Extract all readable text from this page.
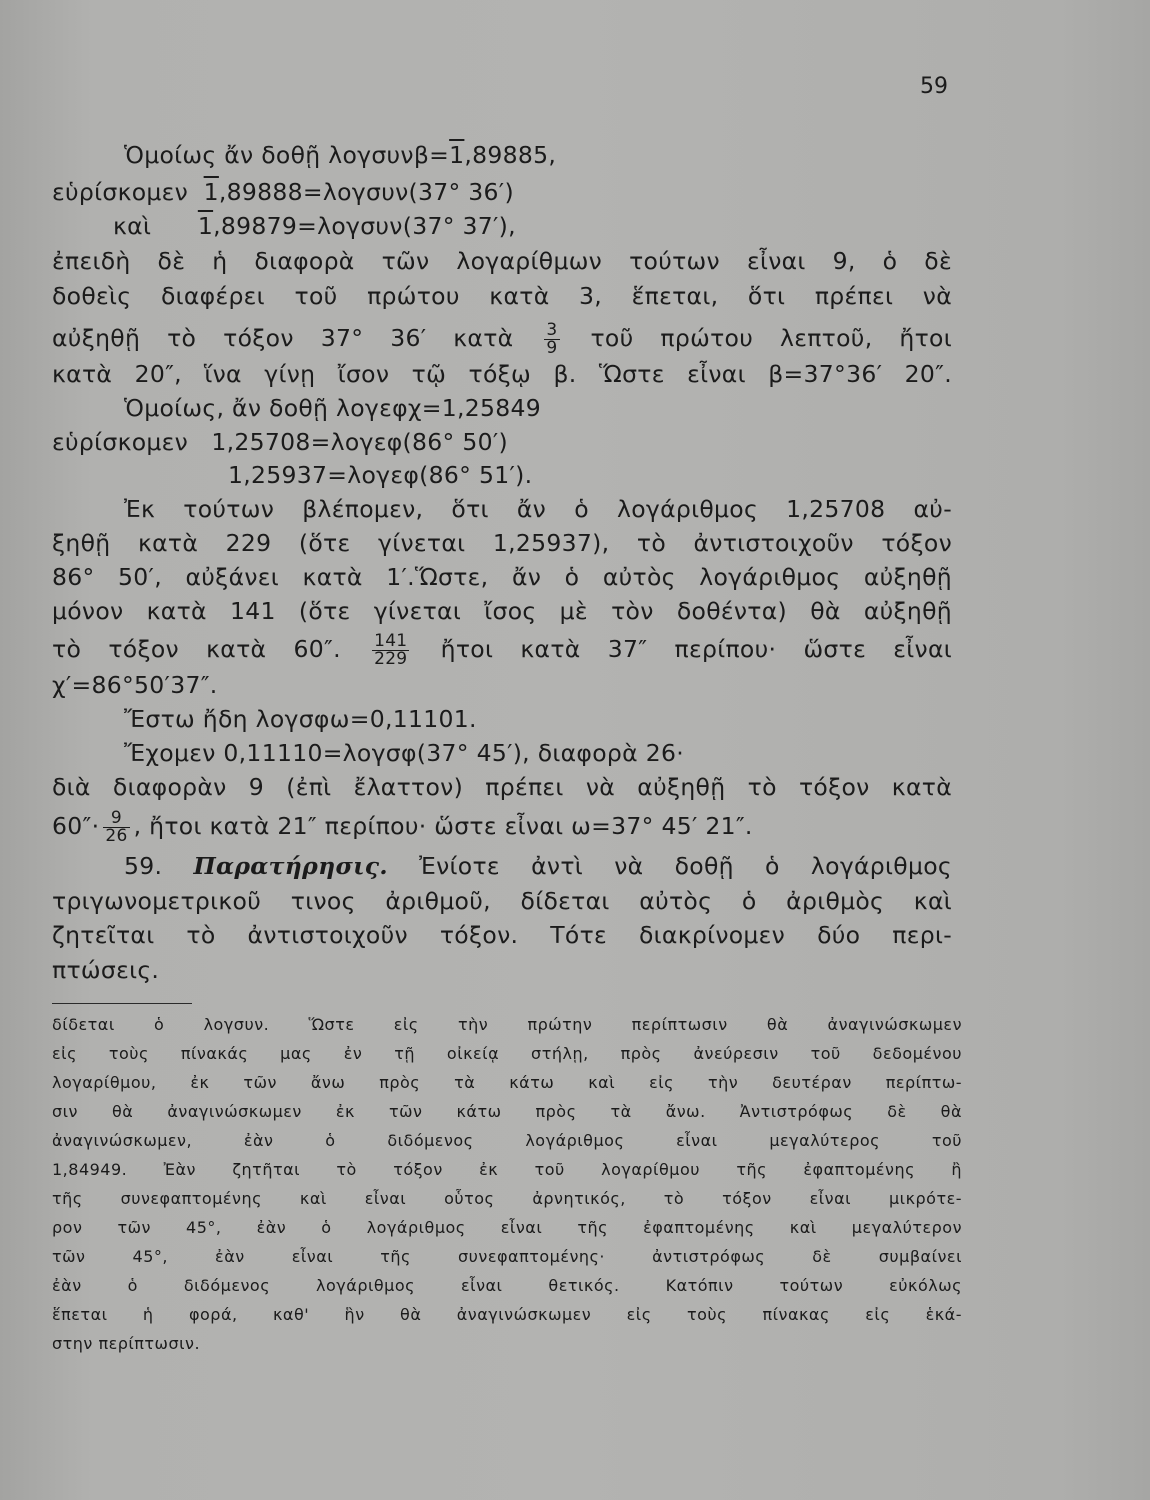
59
Ὁμοίως ἄν δοθῇ λογσυνβ=1,89885,
εὑρίσκομεν 1,89888=λογσυν(37° 36′)
καὶ 1,89879=λογσυν(37° 37′),
ἐπειδὴ δὲ ἡ διαφορὰ τῶν λογαρίθμων τούτων εἶναι 9, ὁ δὲ
δοθεὶς διαφέρει τοῦ πρώτου κατὰ 3, ἕπεται, ὅτι πρέπει νὰ
αὐξηθῇ τὸ τόξον 37° 36′ κατὰ $\frac{3}{9}$ τοῦ πρώτου λεπτοῦ, ἤτοι
κατὰ 20″, ἵνα γίνῃ ἴσον τῷ τόξῳ β. Ὥστε εἶναι β=37°36′ 20″.
Ὁμοίως, ἄν δοθῇ λογεφχ=1,25849
εὑρίσκομεν 1,25708=λογεφ(86° 50′)
1,25937=λογεφ(86° 51′).
Ἐκ τούτων βλέπομεν, ὅτι ἄν ὁ λογάριθμος 1,25708 αὐ-
ξηθῇ κατὰ 229 (ὅτε γίνεται 1,25937), τὸ ἀντιστοιχοῦν τόξον
86° 50′, αὐξάνει κατὰ 1′.Ὥστε, ἄν ὁ αὐτὸς λογάριθμος αὐξηθῇ
μόνον κατὰ 141 (ὅτε γίνεται ἴσος μὲ τὸν δοθέντα) θὰ αὐξηθῇ
τὸ τόξον κατὰ 60″. $\frac{141}{229}$ ἤτοι κατὰ 37″ περίπου· ὥστε εἶναι
χ′=86°50′37″.
Ἔστω ἤδη λογσφω=0,11101.
Ἔχομεν 0,11110=λογσφ(37° 45′), διαφορὰ 26·
διὰ διαφορὰν 9 (ἐπὶ ἔλαττον) πρέπει νὰ αὐξηθῇ τὸ τόξον κατὰ
$60''\cdot \frac{9}{26}$ , ἤτοι κατὰ 21″ περίπου· ὥστε εἶναι ω=37° 45′ 21″.
59. Παρατήρησις. Ἐνίοτε ἀντὶ νὰ δοθῇ ὁ λογάριθμος
τριγωνομετρικοῦ τινος ἀριθμοῦ, δίδεται αὐτὸς ὁ ἀριθμὸς καὶ
ζητεῖται τὸ ἀντιστοιχοῦν τόξον. Τότε διακρίνομεν δύο περι-
πτώσεις.
δίδεται ὁ λογσυν. Ὥστε εἰς τὴν πρώτην περίπτωσιν θὰ ἀναγινώσκωμεν
εἰς τοὺς πίνακάς μας ἐν τῇ οἰκείᾳ στήλῃ, πρὸς ἀνεύρεσιν τοῦ δεδομένου
λογαρίθμου, ἐκ τῶν ἄνω πρὸς τὰ κάτω καὶ εἰς τὴν δευτέραν περίπτω-
σιν θὰ ἀναγινώσκωμεν ἐκ τῶν κάτω πρὸς τὰ ἄνω. Ἀντιστρόφως δὲ θὰ
ἀναγινώσκωμεν, ἐὰν ὁ διδόμενος λογάριθμος εἶναι μεγαλύτερος τοῦ
1,84949. Ἐὰν ζητῆται τὸ τόξον ἐκ τοῦ λογαρίθμου τῆς ἐφαπτομένης ἢ
τῆς συνεφαπτομένης καὶ εἶναι οὗτος ἀρνητικός, τὸ τόξον εἶναι μικρότε-
ρον τῶν 45°, ἐὰν ὁ λογάριθμος εἶναι τῆς ἐφαπτομένης καὶ μεγαλύτερον
τῶν 45°, ἐὰν εἶναι τῆς συνεφαπτομένης· ἀντιστρόφως δὲ συμβαίνει
ἐὰν ὁ διδόμενος λογάριθμος εἶναι θετικός. Κατόπιν τούτων εὐκόλως
ἕπεται ἡ φορά, καθ' ἣν θὰ ἀναγινώσκωμεν εἰς τοὺς πίνακας εἰς ἑκά-
στην περίπτωσιν.
